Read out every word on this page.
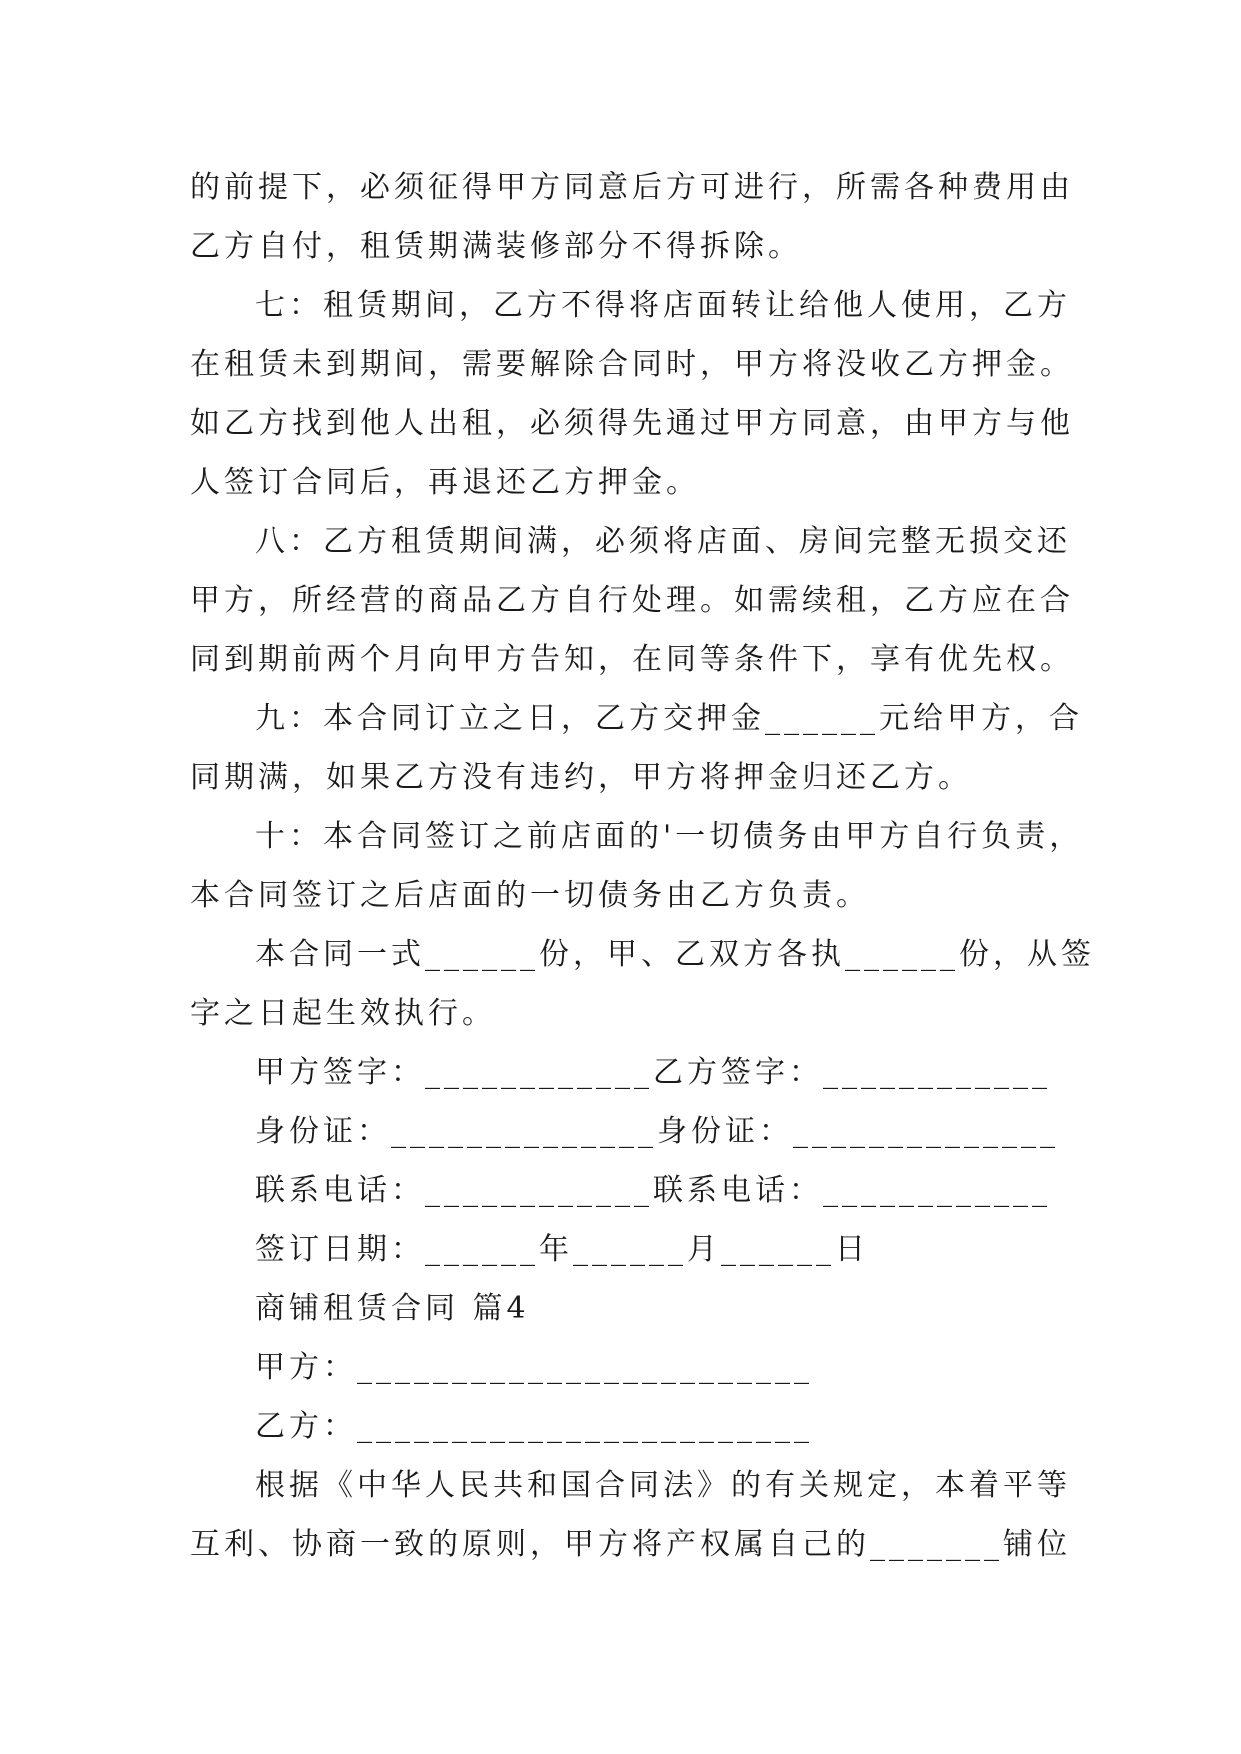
的前提下，必须征得甲方同意后方可进行，所需各种费用由
乙方自付，租赁期满装修部分不得拆除。
七：租赁期间，乙方不得将店面转让给他人使用，乙方
在租赁未到期间，需要解除合同时，甲方将没收乙方押金。
如乙方找到他人出租，必须得先通过甲方同意，由甲方与他
人签订合同后，再退还乙方押金。
八：乙方租赁期间满，必须将店面、房间完整无损交还
甲方，所经营的商品乙方自行处理。如需续租，乙方应在合
同到期前两个月向甲方告知，在同等条件下，享有优先权。
九：本合同订立之日，乙方交押金______元给甲方，合
同期满，如果乙方没有违约，甲方将押金归还乙方。
十：本合同签订之前店面的'一切债务由甲方自行负责，
本合同签订之后店面的一切债务由乙方负责。
本合同一式______份，甲、乙双方各执______份，从签
字之日起生效执行。
甲方签字：____________乙方签字：____________
身份证：______________身份证：______________
联系电话：____________联系电话：____________
签订日期：______年______月______日
商铺租赁合同 篇4
甲方：________________________
乙方：________________________
根据《中华人民共和国合同法》的有关规定，本着平等
互利、协商一致的原则，甲方将产权属自己的_______铺位
